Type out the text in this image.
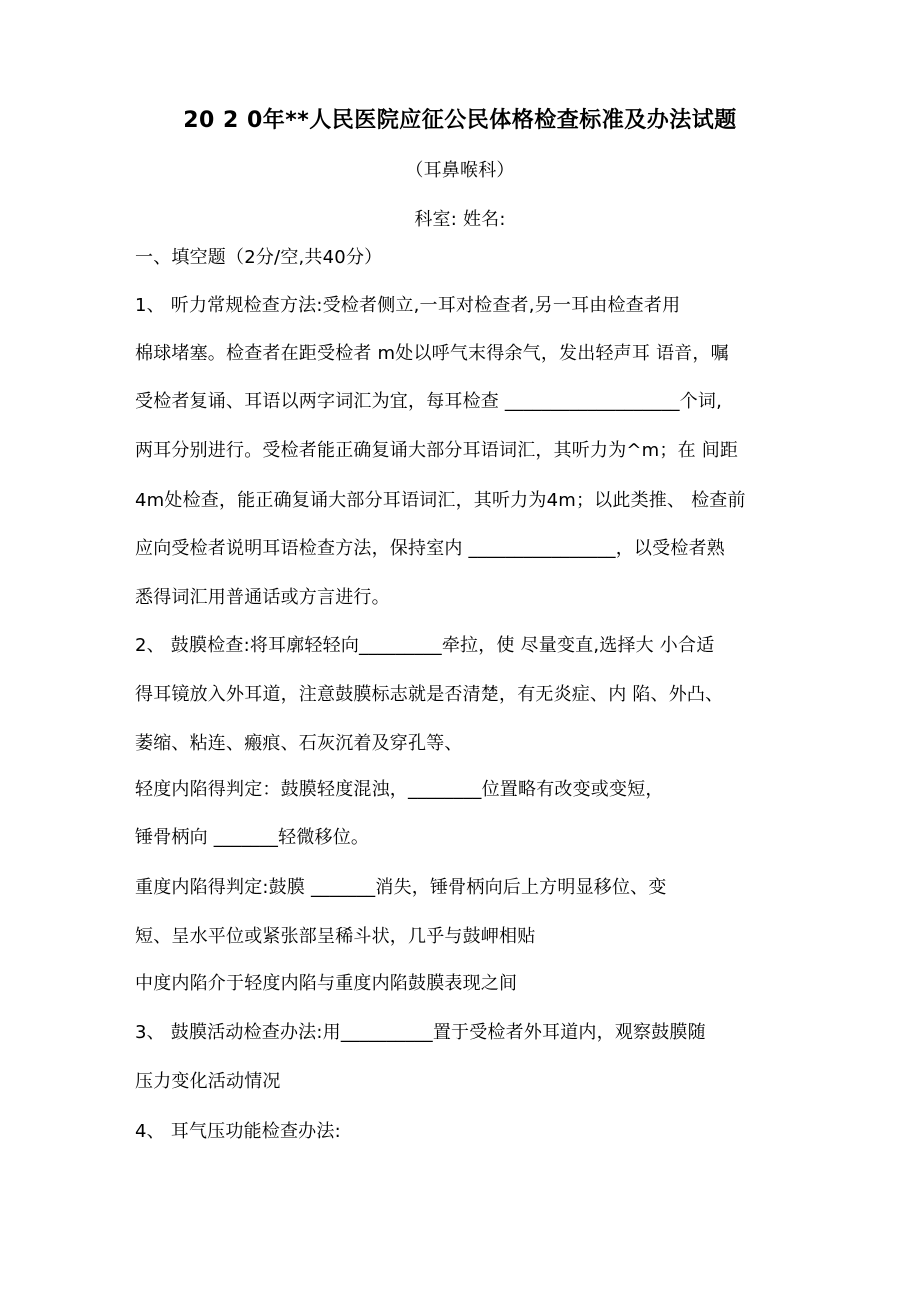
20 2 0年**人民医院应征公民体格检查标准及办法试题
（耳鼻喉科）
科室: 姓名:
一、填空题（2分/空,共40分）
1、 听力常规检查方法:受检者侧立,一耳对检查者,另一耳由检查者用
棉球堵塞。检查者在距受检者 m处以呼气末得余气，发出轻声耳 语音，嘱
受检者复诵、耳语以两字词汇为宜，每耳检查 ___________________个词,
两耳分别进行。受检者能正确复诵大部分耳语词汇，其听力为^m；在 间距
4m处检查，能正确复诵大部分耳语词汇，其听力为4m；以此类推、 检查前
应向受检者说明耳语检查方法，保持室内 ________________，以受检者熟
悉得词汇用普通话或方言进行。
2、 鼓膜检查:将耳廓轻轻向_________牵拉，使 尽量变直,选择大 小合适
得耳镜放入外耳道，注意鼓膜标志就是否清楚，有无炎症、内 陷、外凸、
萎缩、粘连、瘢痕、石灰沉着及穿孔等、
轻度内陷得判定：鼓膜轻度混浊，________位置略有改变或变短，
锤骨柄向 _______轻微移位。
重度内陷得判定:鼓膜 _______消失，锤骨柄向后上方明显移位、变
短、呈水平位或紧张部呈稀斗状，几乎与鼓岬相贴
中度内陷介于轻度内陷与重度内陷鼓膜表现之间
3、 鼓膜活动检查办法:用__________置于受检者外耳道内，观察鼓膜随
压力变化活动情况
4、 耳气压功能检查办法:
